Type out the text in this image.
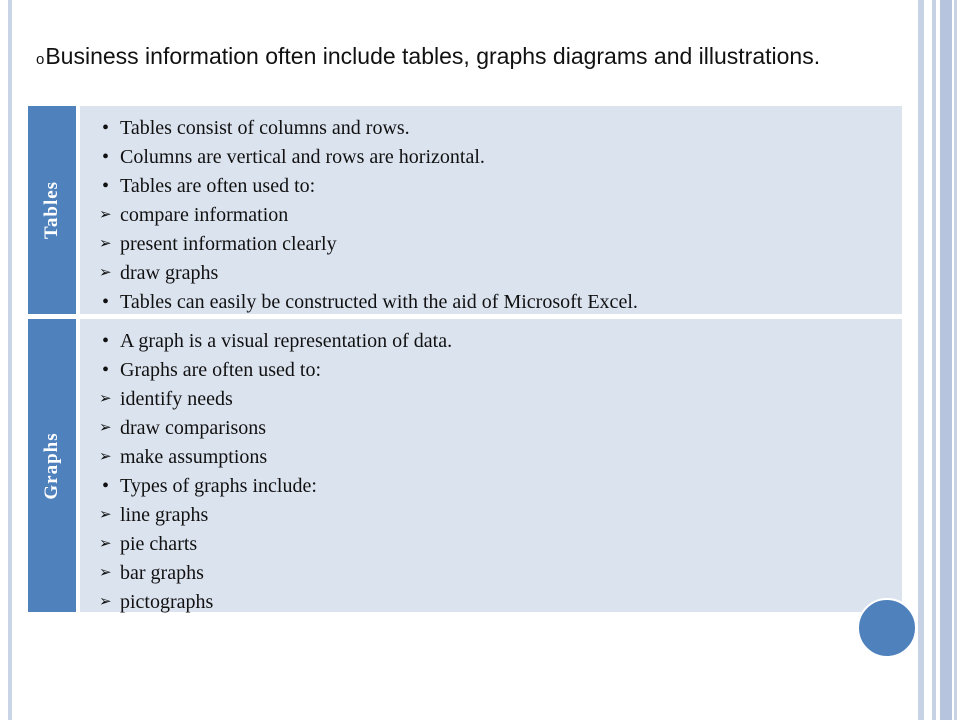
oBusiness information often include tables, graphs diagrams and illustrations.
Tables
• Tables consist of columns and rows.
• Columns are vertical and rows are horizontal.
• Tables are often used to:
➢ compare information
➢ present information clearly
➢ draw graphs
• Tables can easily be constructed with the aid of Microsoft Excel.
Graphs
• A graph is a visual representation of data.
• Graphs are often used to:
➢ identify needs
➢ draw comparisons
➢ make assumptions
• Types of graphs include:
➢ line graphs
➢ pie charts
➢ bar graphs
➢ pictographs
